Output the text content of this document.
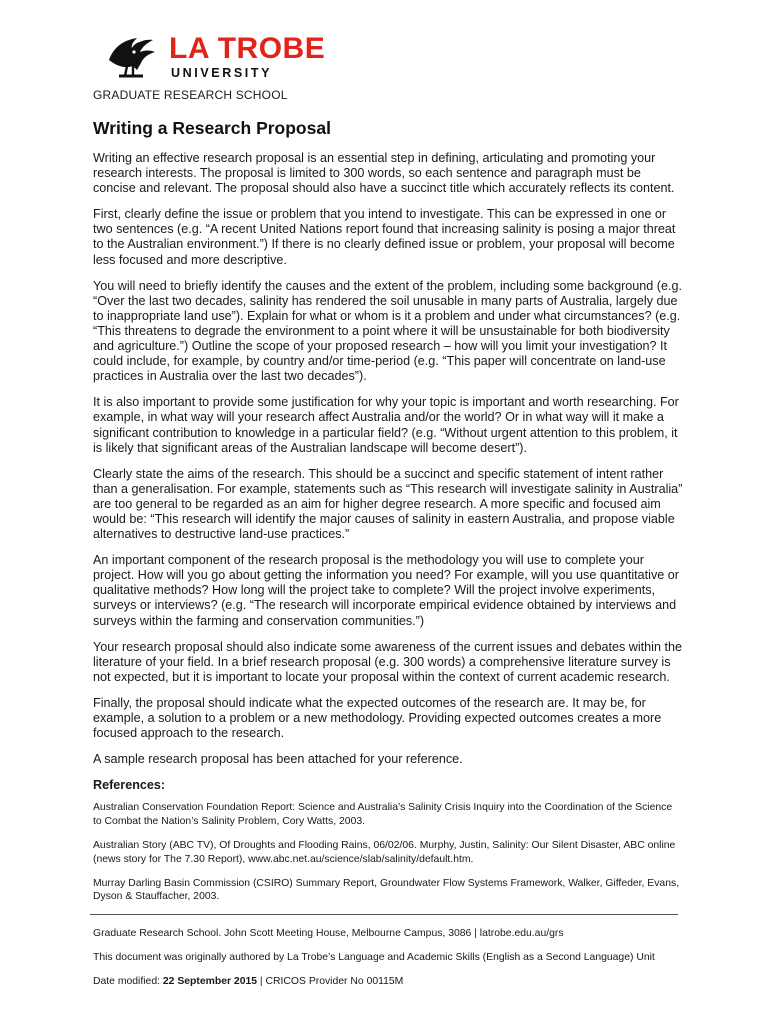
LA TROBE
UNIVERSITY
GRADUATE RESEARCH SCHOOL
Writing a Research Proposal

Writing an effective research proposal is an essential step in defining, articulating and promoting your research interests. The proposal is limited to 300 words, so each sentence and paragraph must be concise and relevant. The proposal should also have a succinct title which accurately reflects its content.

First, clearly define the issue or problem that you intend to investigate. This can be expressed in one or two sentences (e.g. “A recent United Nations report found that increasing salinity is posing a major threat to the Australian environment.”) If there is no clearly defined issue or problem, your proposal will become less focused and more descriptive.

You will need to briefly identify the causes and the extent of the problem, including some background (e.g. “Over the last two decades, salinity has rendered the soil unusable in many parts of Australia, largely due to inappropriate land use”). Explain for what or whom is it a problem and under what circumstances? (e.g. “This threatens to degrade the environment to a point where it will be unsustainable for both biodiversity and agriculture.”) Outline the scope of your proposed research – how will you limit your investigation? It could include, for example, by country and/or time-period (e.g. “This paper will concentrate on land-use practices in Australia over the last two decades”).

It is also important to provide some justification for why your topic is important and worth researching. For example, in what way will your research affect Australia and/or the world? Or in what way will it make a significant contribution to knowledge in a particular field? (e.g. “Without urgent attention to this problem, it is likely that significant areas of the Australian landscape will become desert”).

Clearly state the aims of the research. This should be a succinct and specific statement of intent rather than a generalisation. For example, statements such as “This research will investigate salinity in Australia” are too general to be regarded as an aim for higher degree research. A more specific and focused aim would be: “This research will identify the major causes of salinity in eastern Australia, and propose viable alternatives to destructive land-use practices.”

An important component of the research proposal is the methodology you will use to complete your project. How will you go about getting the information you need? For example, will you use quantitative or qualitative methods? How long will the project take to complete? Will the project involve experiments, surveys or interviews? (e.g. “The research will incorporate empirical evidence obtained by interviews and surveys within the farming and conservation communities.”)

Your research proposal should also indicate some awareness of the current issues and debates within the literature of your field. In a brief research proposal (e.g. 300 words) a comprehensive literature survey is not expected, but it is important to locate your proposal within the context of current academic research.

Finally, the proposal should indicate what the expected outcomes of the research are. It may be, for example, a solution to a problem or a new methodology. Providing expected outcomes creates a more focused approach to the research.

A sample research proposal has been attached for your reference.

References:

Australian Conservation Foundation Report: Science and Australia’s Salinity Crisis Inquiry into the Coordination of the Science to Combat the Nation’s Salinity Problem, Cory Watts, 2003.

Australian Story (ABC TV), Of Droughts and Flooding Rains, 06/02/06. Murphy, Justin, Salinity: Our Silent Disaster, ABC online (news story for The 7.30 Report), www.abc.net.au/science/slab/salinity/default.htm.

Murray Darling Basin Commission (CSIRO) Summary Report, Groundwater Flow Systems Framework, Walker, Giffeder, Evans, Dyson & Stauffacher, 2003.

Graduate Research School. John Scott Meeting House, Melbourne Campus, 3086 | latrobe.edu.au/grs

This document was originally authored by La Trobe’s Language and Academic Skills (English as a Second Language) Unit

Date modified: 22 September 2015 | CRICOS Provider No 00115M
